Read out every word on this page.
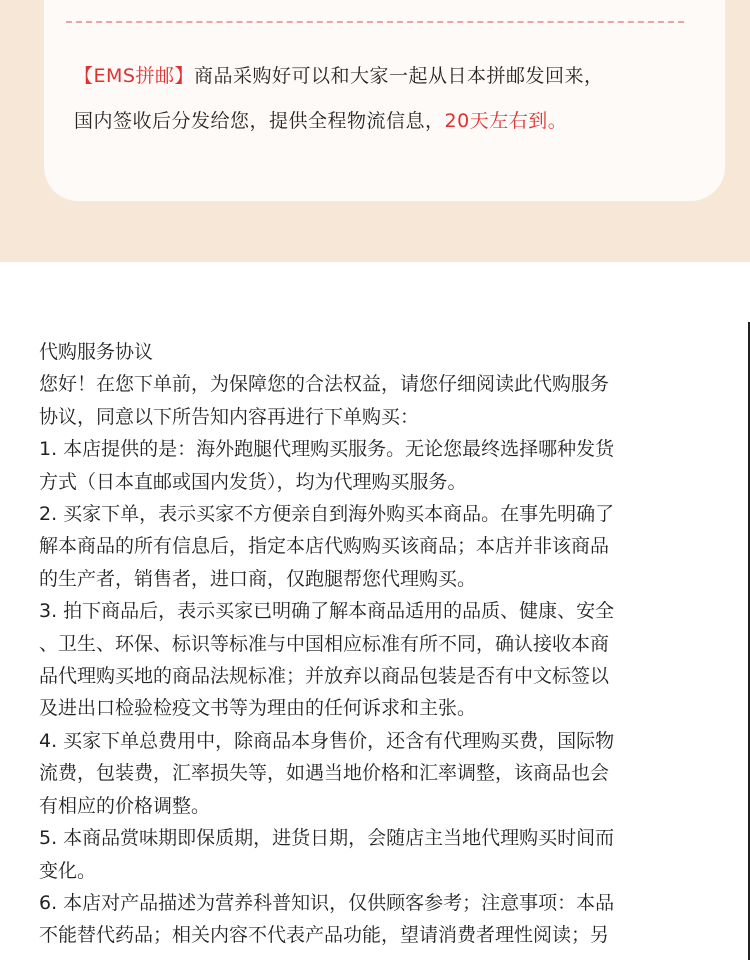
【EMS拼邮】商品采购好可以和大家一起从日本拼邮发回来，
国内签收后分发给您，提供全程物流信息，20天左右到。

代购服务协议

您好！在您下单前，为保障您的合法权益，请您仔细阅读此代购服务

协议，同意以下所告知内容再进行下单购买：

1. 本店提供的是：海外跑腿代理购买服务。无论您最终选择哪种发货

方式（日本直邮或国内发货），均为代理购买服务。

2. 买家下单，表示买家不方便亲自到海外购买本商品。在事先明确了

解本商品的所有信息后，指定本店代购购买该商品；本店并非该商品

的生产者，销售者，进口商，仅跑腿帮您代理购买。

3. 拍下商品后，表示买家已明确了解本商品适用的品质、健康、安全

、卫生、环保、标识等标准与中国相应标准有所不同，确认接收本商

品代理购买地的商品法规标准；并放弃以商品包装是否有中文标签以

及进出口检验检疫文书等为理由的任何诉求和主张。

4. 买家下单总费用中，除商品本身售价，还含有代理购买费，国际物

流费，包装费，汇率损失等，如遇当地价格和汇率调整，该商品也会

有相应的价格调整。

5. 本商品赏味期即保质期，进货日期，会随店主当地代理购买时间而

变化。

6. 本店对产品描述为营养科普知识，仅供顾客参考；注意事项：本品

不能替代药品；相关内容不代表产品功能，望请消费者理性阅读；另
